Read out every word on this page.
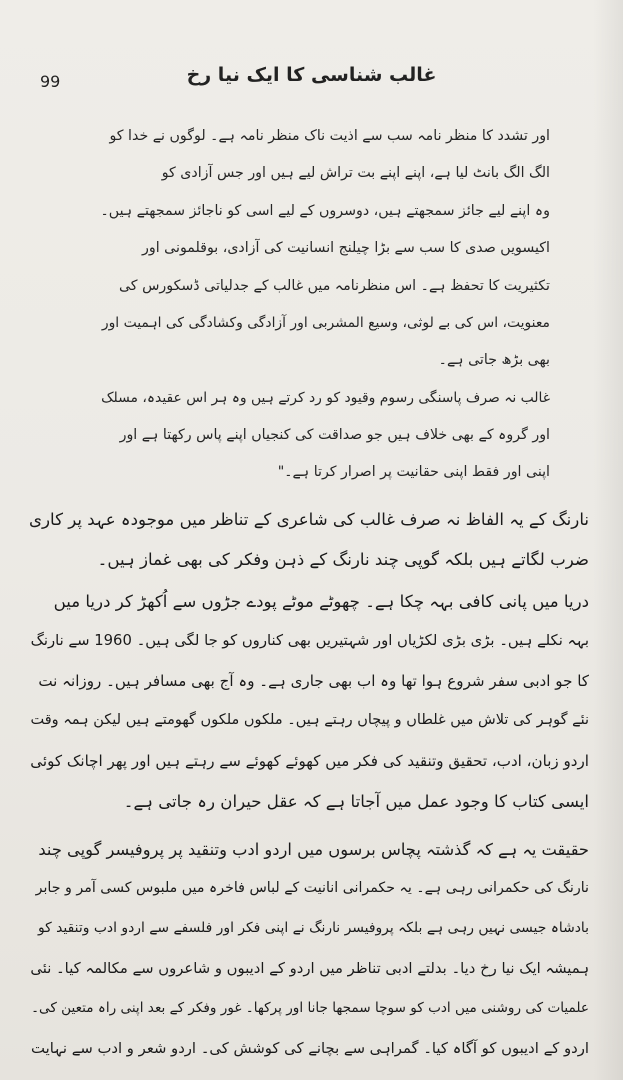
99	غالب شناسی کا ایک نیا رخ
اور تشدد کا منظر نامہ سب سے اذیت ناک منظر نامہ ہے۔ لوگوں نے خدا کو
الگ الگ بانٹ لیا ہے، اپنے اپنے بت تراش لیے ہیں اور جس آزادی کو
وہ اپنے لیے جائز سمجھتے ہیں، دوسروں کے لیے اسی کو ناجائز سمجھتے ہیں۔
اکیسویں صدی کا سب سے بڑا چیلنج انسانیت کی آزادی، بوقلمونی اور
تکثیریت کا تحفظ ہے۔ اس منظرنامہ میں غالب کے جدلیاتی ڈسکورس کی
معنویت، اس کی بے لوثی، وسیع المشربی اور آزادگی وکشادگی کی اہمیت اور
بھی بڑھ جاتی ہے۔
غالب نہ صرف پاسنگی رسوم وقیود کو رد کرتے ہیں وہ ہر اس عقیدہ، مسلک
اور گروہ کے بھی خلاف ہیں جو صداقت کی کنجیاں اپنے پاس رکھتا ہے اور
اپنی اور فقط اپنی حقانیت پر اصرار کرتا ہے۔"
نارنگ کے یہ الفاظ نہ صرف غالب کی شاعری کے تناظر میں موجودہ عہد پر کاری
ضرب لگاتے ہیں بلکہ گوپی چند نارنگ کے ذہن وفکر کی بھی غماز ہیں۔
دریا میں پانی کافی بہہ چکا ہے۔ چھوٹے موٹے پودے جڑوں سے اُکھڑ کر دریا میں
بہہ نکلے ہیں۔ بڑی بڑی لکڑیاں اور شہتیریں بھی کناروں کو جا لگی ہیں۔ 1960 سے نارنگ
کا جو ادبی سفر شروع ہوا تھا وہ اب بھی جاری ہے۔ وہ آج بھی مسافر ہیں۔ روزانہ نت
نئے گوہر کی تلاش میں غلطاں و پیچاں رہتے ہیں۔ ملکوں ملکوں گھومتے ہیں لیکن ہمہ وقت
اردو زبان، ادب، تحقیق وتنقید کی فکر میں کھوئے کھوئے سے رہتے ہیں اور پھر اچانک کوئی
ایسی کتاب کا وجود عمل میں آجاتا ہے کہ عقل حیران رہ جاتی ہے۔
حقیقت یہ ہے کہ گذشتہ پچاس برسوں میں اردو ادب وتنقید پر پروفیسر گوپی چند
نارنگ کی حکمرانی رہی ہے۔ یہ حکمرانی انانیت کے لباس فاخرہ میں ملبوس کسی آمر و جابر
بادشاہ جیسی نہیں رہی ہے بلکہ پروفیسر نارنگ نے اپنی فکر اور فلسفے سے اردو ادب وتنقید کو
ہمیشہ ایک نیا رخ دیا۔ بدلتے ادبی تناظر میں اردو کے ادیبوں و شاعروں سے مکالمہ کیا۔ نئی
علمیات کی روشنی میں ادب کو سوچا سمجھا جانا اور پرکھا۔ غور وفکر کے بعد اپنی راہ متعین کی۔
اردو کے ادیبوں کو آگاہ کیا۔ گمراہی سے بچانے کی کوشش کی۔ اردو شعر و ادب سے نہایت
